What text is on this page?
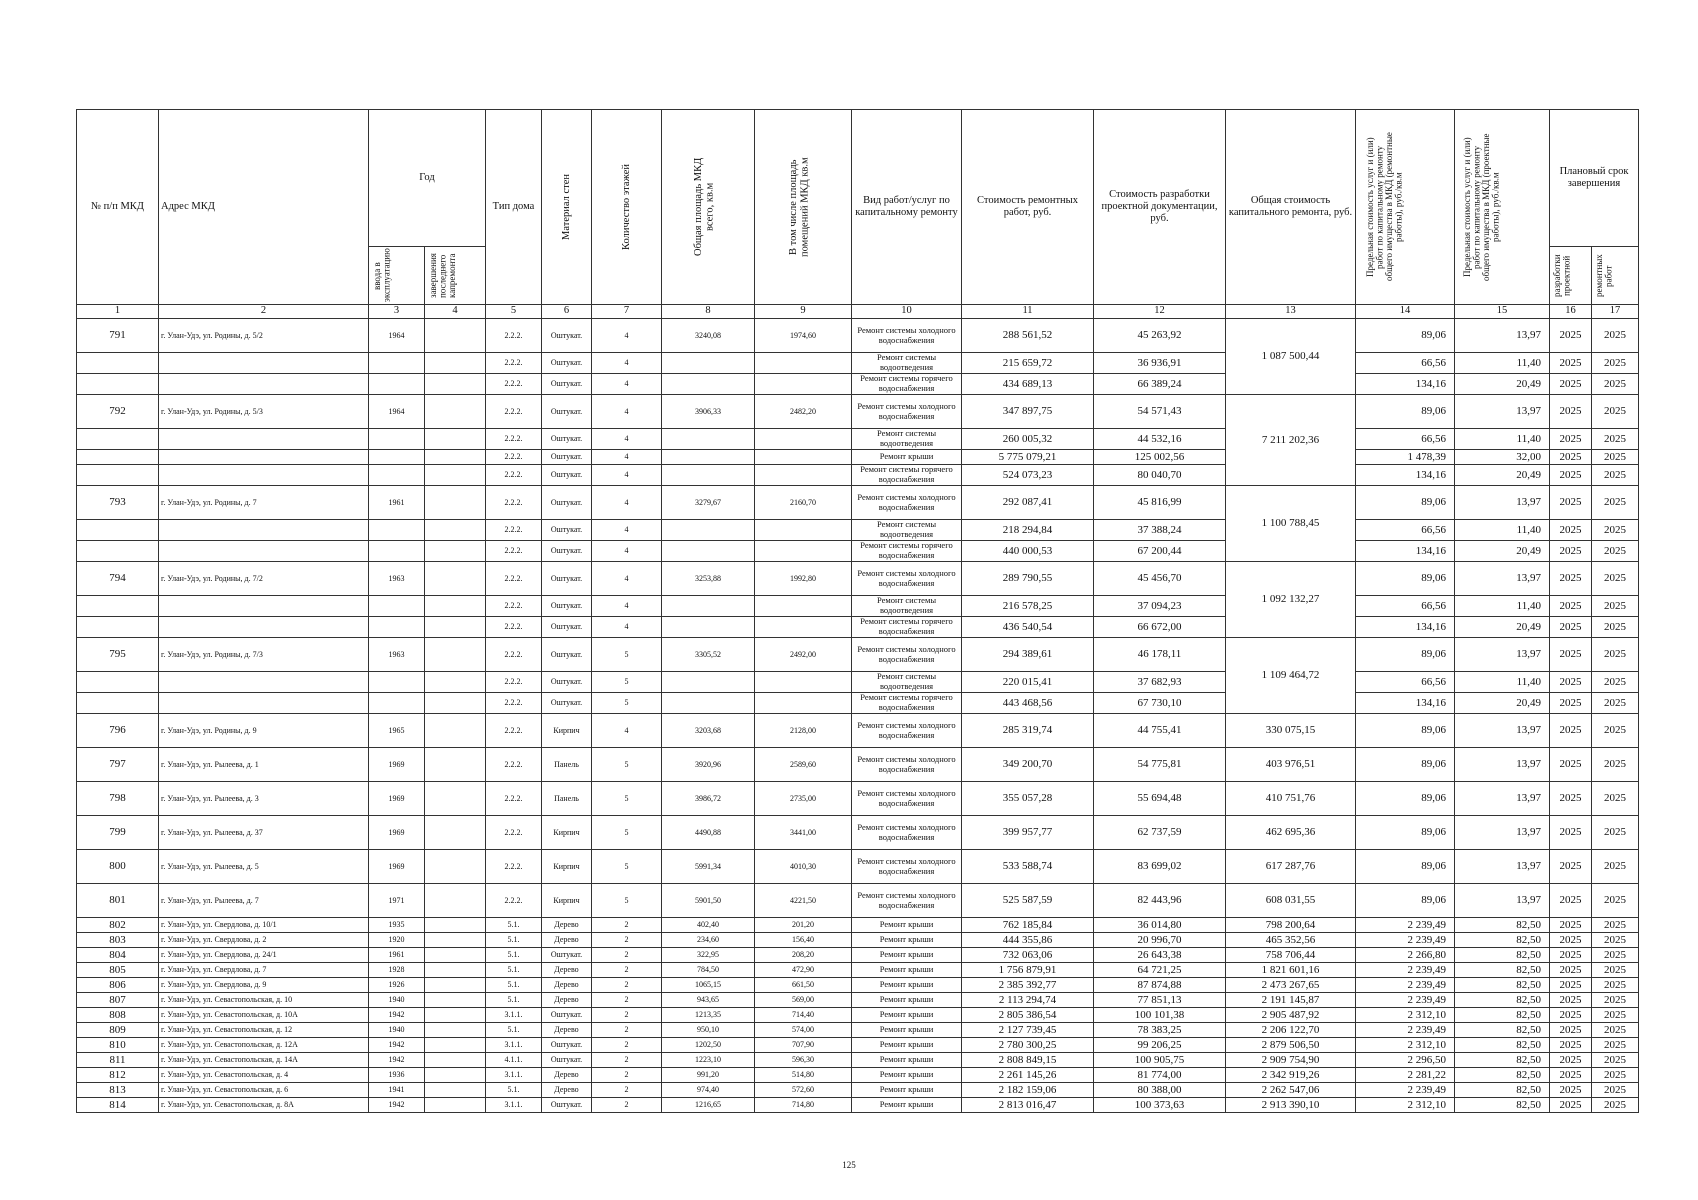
№ п/п МКД	Адрес МКД	Год		Тип дома	Материал стен	Количество этажей	Общая площадь МКД всего, кв.м	В том числе площадь помещений МКД кв.м	Вид работ/услуг по капитальному ремонту	Стоимость ремонтных работ, руб.	Стоимость разработки проектной документации, руб.	Общая стоимость капитального ремонта, руб.	Предельная стоимость услуг и (или) работ по капитальному ремонту общего имущества в МКД (ремонтные работы), руб./кв.м	Предельная стоимость услуг и (или) работ по капитальному ремонту общего имущества в МКД (проектные работы), руб./кв.м	Плановый срок завершения	

		ввода в эксплуатацию	завершения последнего капремонта												разработки проектной	ремонтных работ

1	2	3	4	5	6	7	8	9	10	11	12	13	14	15	16	17
791	г. Улан-Удэ, ул. Родины, д. 5/2	1964		2.2.2.	Оштукат.	4	3240,08	1974,60	Ремонт системы холодного водоснабжения	288 561,52	45 263,92	1 087 500,44	89,06	13,97	2025	2025
				2.2.2.	Оштукат.	4			Ремонт системы водоотведения	215 659,72	36 936,91		66,56	11,40	2025	2025
				2.2.2.	Оштукат.	4			Ремонт системы горячего водоснабжения	434 689,13	66 389,24		134,16	20,49	2025	2025
792	г. Улан-Удэ, ул. Родины, д. 5/3	1964		2.2.2.	Оштукат.	4	3906,33	2482,20	Ремонт системы холодного водоснабжения	347 897,75	54 571,43	7 211 202,36	89,06	13,97	2025	2025
				2.2.2.	Оштукат.	4			Ремонт системы водоотведения	260 005,32	44 532,16		66,56	11,40	2025	2025
				2.2.2.	Оштукат.	4			Ремонт крыши	5 775 079,21	125 002,56		1 478,39	32,00	2025	2025
				2.2.2.	Оштукат.	4			Ремонт системы горячего водоснабжения	524 073,23	80 040,70		134,16	20,49	2025	2025
793	г. Улан-Удэ, ул. Родины, д. 7	1961		2.2.2.	Оштукат.	4	3279,67	2160,70	Ремонт системы холодного водоснабжения	292 087,41	45 816,99	1 100 788,45	89,06	13,97	2025	2025
				2.2.2.	Оштукат.	4			Ремонт системы водоотведения	218 294,84	37 388,24		66,56	11,40	2025	2025
				2.2.2.	Оштукат.	4			Ремонт системы горячего водоснабжения	440 000,53	67 200,44		134,16	20,49	2025	2025
794	г. Улан-Удэ, ул. Родины, д. 7/2	1963		2.2.2.	Оштукат.	4	3253,88	1992,80	Ремонт системы холодного водоснабжения	289 790,55	45 456,70	1 092 132,27	89,06	13,97	2025	2025
				2.2.2.	Оштукат.	4			Ремонт системы водоотведения	216 578,25	37 094,23		66,56	11,40	2025	2025
				2.2.2.	Оштукат.	4			Ремонт системы горячего водоснабжения	436 540,54	66 672,00		134,16	20,49	2025	2025
795	г. Улан-Удэ, ул. Родины, д. 7/3	1963		2.2.2.	Оштукат.	5	3305,52	2492,00	Ремонт системы холодного водоснабжения	294 389,61	46 178,11	1 109 464,72	89,06	13,97	2025	2025
				2.2.2.	Оштукат.	5			Ремонт системы водоотведения	220 015,41	37 682,93		66,56	11,40	2025	2025
				2.2.2.	Оштукат.	5			Ремонт системы горячего водоснабжения	443 468,56	67 730,10		134,16	20,49	2025	2025
796	г. Улан-Удэ, ул. Родины, д. 9	1965		2.2.2.	Кирпич	4	3203,68	2128,00	Ремонт системы холодного водоснабжения	285 319,74	44 755,41	330 075,15	89,06	13,97	2025	2025
797	г. Улан-Удэ, ул. Рылеева, д. 1	1969		2.2.2.	Панель	5	3920,96	2589,60	Ремонт системы холодного водоснабжения	349 200,70	54 775,81	403 976,51	89,06	13,97	2025	2025
798	г. Улан-Удэ, ул. Рылеева, д. 3	1969		2.2.2.	Панель	5	3986,72	2735,00	Ремонт системы холодного водоснабжения	355 057,28	55 694,48	410 751,76	89,06	13,97	2025	2025
799	г. Улан-Удэ, ул. Рылеева, д. 37	1969		2.2.2.	Кирпич	5	4490,88	3441,00	Ремонт системы холодного водоснабжения	399 957,77	62 737,59	462 695,36	89,06	13,97	2025	2025
800	г. Улан-Удэ, ул. Рылеева, д. 5	1969		2.2.2.	Кирпич	5	5991,34	4010,30	Ремонт системы холодного водоснабжения	533 588,74	83 699,02	617 287,76	89,06	13,97	2025	2025
801	г. Улан-Удэ, ул. Рылеева, д. 7	1971		2.2.2.	Кирпич	5	5901,50	4221,50	Ремонт системы холодного водоснабжения	525 587,59	82 443,96	608 031,55	89,06	13,97	2025	2025
802	г. Улан-Удэ, ул. Свердлова, д. 10/1	1935		5.1.	Дерево	2	402,40	201,20	Ремонт крыши	762 185,84	36 014,80	798 200,64	2 239,49	82,50	2025	2025
803	г. Улан-Удэ, ул. Свердлова, д. 2	1920		5.1.	Дерево	2	234,60	156,40	Ремонт крыши	444 355,86	20 996,70	465 352,56	2 239,49	82,50	2025	2025
804	г. Улан-Удэ, ул. Свердлова, д. 24/1	1961		5.1.	Оштукат.	2	322,95	208,20	Ремонт крыши	732 063,06	26 643,38	758 706,44	2 266,80	82,50	2025	2025
805	г. Улан-Удэ, ул. Свердлова, д. 7	1928		5.1.	Дерево	2	784,50	472,90	Ремонт крыши	1 756 879,91	64 721,25	1 821 601,16	2 239,49	82,50	2025	2025
806	г. Улан-Удэ, ул. Свердлова, д. 9	1926		5.1.	Дерево	2	1065,15	661,50	Ремонт крыши	2 385 392,77	87 874,88	2 473 267,65	2 239,49	82,50	2025	2025
807	г. Улан-Удэ, ул. Севастопольская, д. 10	1940		5.1.	Дерево	2	943,65	569,00	Ремонт крыши	2 113 294,74	77 851,13	2 191 145,87	2 239,49	82,50	2025	2025
808	г. Улан-Удэ, ул. Севастопольская, д. 10А	1942		3.1.1.	Оштукат.	2	1213,35	714,40	Ремонт крыши	2 805 386,54	100 101,38	2 905 487,92	2 312,10	82,50	2025	2025
809	г. Улан-Удэ, ул. Севастопольская, д. 12	1940		5.1.	Дерево	2	950,10	574,00	Ремонт крыши	2 127 739,45	78 383,25	2 206 122,70	2 239,49	82,50	2025	2025
810	г. Улан-Удэ, ул. Севастопольская, д. 12А	1942		3.1.1.	Оштукат.	2	1202,50	707,90	Ремонт крыши	2 780 300,25	99 206,25	2 879 506,50	2 312,10	82,50	2025	2025
811	г. Улан-Удэ, ул. Севастопольская, д. 14А	1942		4.1.1.	Оштукат.	2	1223,10	596,30	Ремонт крыши	2 808 849,15	100 905,75	2 909 754,90	2 296,50	82,50	2025	2025
812	г. Улан-Удэ, ул. Севастопольская, д. 4	1936		3.1.1.	Дерево	2	991,20	514,80	Ремонт крыши	2 261 145,26	81 774,00	2 342 919,26	2 281,22	82,50	2025	2025
813	г. Улан-Удэ, ул. Севастопольская, д. 6	1941		5.1.	Дерево	2	974,40	572,60	Ремонт крыши	2 182 159,06	80 388,00	2 262 547,06	2 239,49	82,50	2025	2025
814	г. Улан-Удэ, ул. Севастопольская, д. 8А	1942		3.1.1.	Оштукат.	2	1216,65	714,80	Ремонт крыши	2 813 016,47	100 373,63	2 913 390,10	2 312,10	82,50	2025	2025
125
